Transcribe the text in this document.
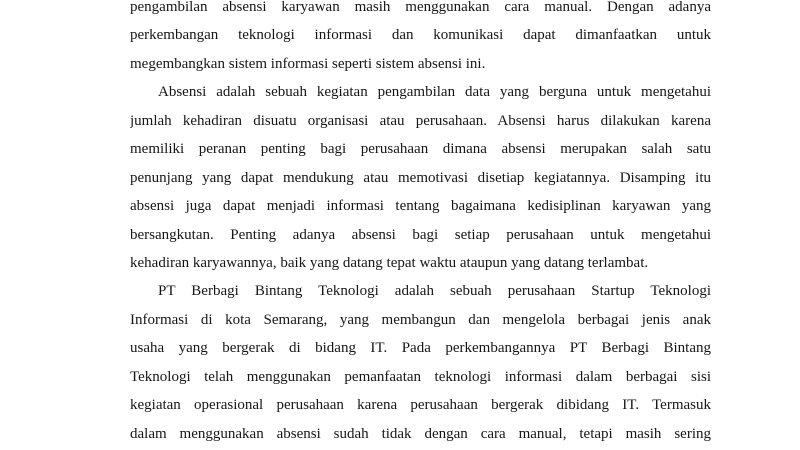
pengambilan absensi karyawan masih menggunakan cara manual. Dengan adanya
perkembangan teknologi informasi dan komunikasi dapat dimanfaatkan untuk
megembangkan sistem informasi seperti sistem absensi ini.
Absensi adalah sebuah kegiatan pengambilan data yang berguna untuk mengetahui
jumlah kehadiran disuatu organisasi atau perusahaan. Absensi harus dilakukan karena
memiliki peranan penting bagi perusahaan dimana absensi merupakan salah satu
penunjang yang dapat mendukung atau memotivasi disetiap kegiatannya. Disamping itu
absensi juga dapat menjadi informasi tentang bagaimana kedisiplinan karyawan yang
bersangkutan. Penting adanya absensi bagi setiap perusahaan untuk mengetahui
kehadiran karyawannya, baik yang datang tepat waktu ataupun yang datang terlambat.
PT Berbagi Bintang Teknologi adalah sebuah perusahaan Startup Teknologi
Informasi di kota Semarang, yang membangun dan mengelola berbagai jenis anak
usaha yang bergerak di bidang IT. Pada perkembangannya PT Berbagi Bintang
Teknologi telah menggunakan pemanfaatan teknologi informasi dalam berbagai sisi
kegiatan operasional perusahaan karena perusahaan bergerak dibidang IT. Termasuk
dalam menggunakan absensi sudah tidak dengan cara manual, tetapi masih sering
